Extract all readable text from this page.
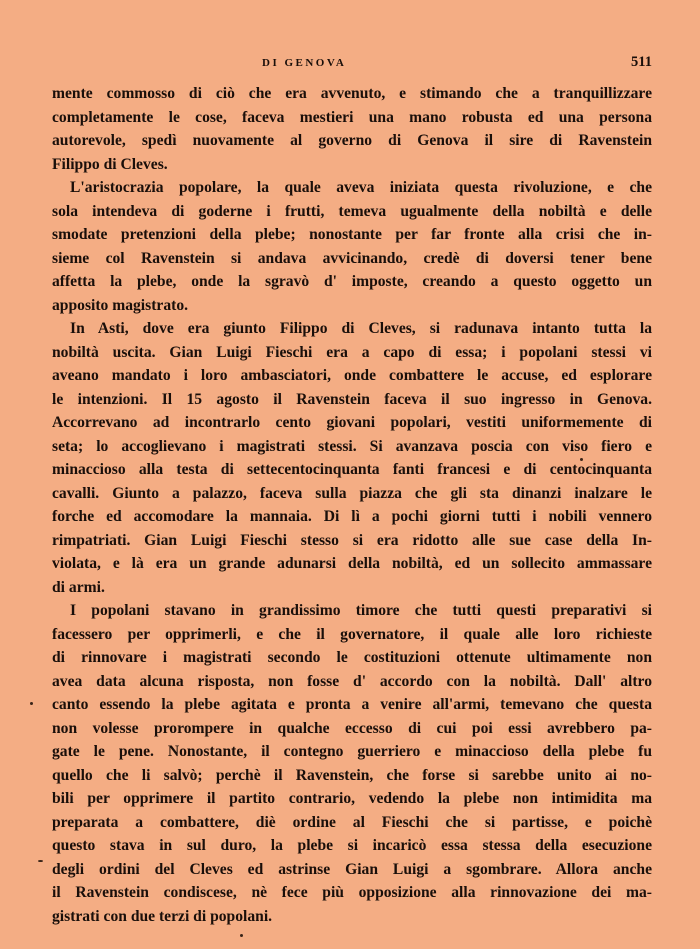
DI GENOVA	511
mente commosso di ciò che era avvenuto, e stimando che a tranquillizzare
completamente le cose, faceva mestieri una mano robusta ed una persona
autorevole, spedì nuovamente al governo di Genova il sire di Ravenstein
Filippo di Cleves.
L'aristocrazia popolare, la quale aveva iniziata questa rivoluzione, e che
sola intendeva di goderne i frutti, temeva ugualmente della nobiltà e delle
smodate pretenzioni della plebe; nonostante per far fronte alla crisi che in-
sieme col Ravenstein si andava avvicinando, credè di doversi tener bene
affetta la plebe, onde la sgravò d' imposte, creando a questo oggetto un
apposito magistrato.
In Asti, dove era giunto Filippo di Cleves, si radunava intanto tutta la
nobiltà uscita. Gian Luigi Fieschi era a capo di essa; i popolani stessi vi
aveano mandato i loro ambasciatori, onde combattere le accuse, ed esplorare
le intenzioni. Il 15 agosto il Ravenstein faceva il suo ingresso in Genova.
Accorrevano ad incontrarlo cento giovani popolari, vestiti uniformemente di
seta; lo accoglievano i magistrati stessi. Si avanzava poscia con viso fiero e
minaccioso alla testa di settecentocinquanta fanti francesi e di centocinquanta
cavalli. Giunto a palazzo, faceva sulla piazza che gli sta dinanzi inalzare le
forche ed accomodare la mannaia. Di lì a pochi giorni tutti i nobili vennero
rimpatriati. Gian Luigi Fieschi stesso si era ridotto alle sue case della In-
violata, e là era un grande adunarsi della nobiltà, ed un sollecito ammassare
di armi.
I popolani stavano in grandissimo timore che tutti questi preparativi si
facessero per opprimerli, e che il governatore, il quale alle loro richieste
di rinnovare i magistrati secondo le costituzioni ottenute ultimamente non
avea data alcuna risposta, non fosse d' accordo con la nobiltà. Dall' altro
canto essendo la plebe agitata e pronta a venire all'armi, temevano che questa
non volesse prorompere in qualche eccesso di cui poi essi avrebbero pa-
gate le pene. Nonostante, il contegno guerriero e minaccioso della plebe fu
quello che li salvò; perchè il Ravenstein, che forse si sarebbe unito ai no-
bili per opprimere il partito contrario, vedendo la plebe non intimidita ma
preparata a combattere, diè ordine al Fieschi che si partisse, e poichè
questo stava in sul duro, la plebe si incaricò essa stessa della esecuzione
degli ordini del Cleves ed astrinse Gian Luigi a sgombrare. Allora anche
il Ravenstein condiscese, nè fece più opposizione alla rinnovazione dei ma-
gistrati con due terzi di popolani.
